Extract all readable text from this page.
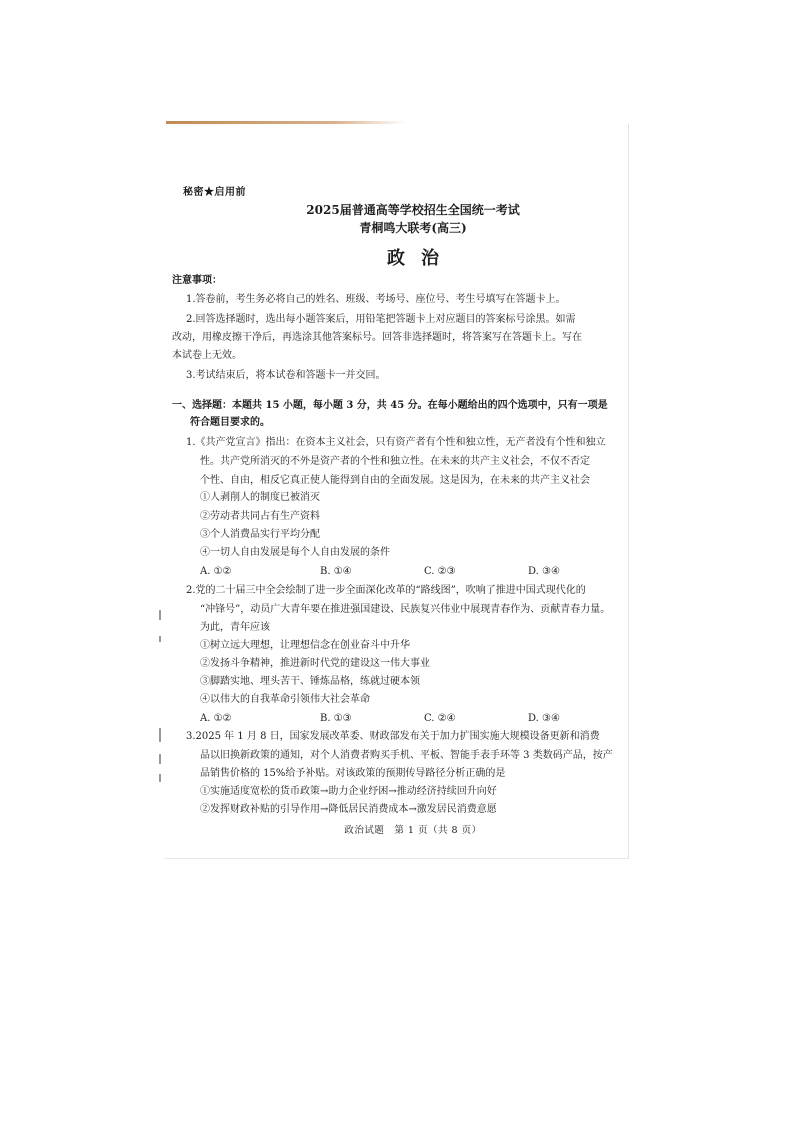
秘密★启用前
2025届普通高等学校招生全国统一考试
青桐鸣大联考(高三)
政治
注意事项：
1.答卷前，考生务必将自己的姓名、班级、考场号、座位号、考生号填写在答题卡上。
2.回答选择题时，选出每小题答案后，用铅笔把答题卡上对应题目的答案标号涂黑。如需
改动，用橡皮擦干净后，再选涂其他答案标号。回答非选择题时，将答案写在答题卡上。写在
本试卷上无效。
3.考试结束后，将本试卷和答题卡一并交回。
一、选择题：本题共 15 小题，每小题 3 分，共 45 分。在每小题给出的四个选项中，只有一项是
符合题目要求的。
1.《共产党宣言》指出：在资本主义社会，只有资产者有个性和独立性，无产者没有个性和独立
性。共产党所消灭的不外是资产者的个性和独立性。在未来的共产主义社会，不仅不否定
个性、自由，相反它真正使人能得到自由的全面发展。这是因为，在未来的共产主义社会
①人剥削人的制度已被消灭
②劳动者共同占有生产资料
③个人消费品实行平均分配
④一切人自由发展是每个人自由发展的条件
A. ①②	B. ①④	C. ②③	D. ③④
2.党的二十届三中全会绘制了进一步全面深化改革的“路线图”，吹响了推进中国式现代化的
“冲锋号”，动员广大青年要在推进强国建设、民族复兴伟业中展现青春作为、贡献青春力量。
为此，青年应该
①树立远大理想，让理想信念在创业奋斗中升华
②发扬斗争精神，推进新时代党的建设这一伟大事业
③脚踏实地、埋头苦干、锤炼品格，练就过硬本领
④以伟大的自我革命引领伟大社会革命
A. ①②	B. ①③	C. ②④	D. ③④
3.2025 年 1 月 8 日，国家发展改革委、财政部发布关于加力扩围实施大规模设备更新和消费
品以旧换新政策的通知，对个人消费者购买手机、平板、智能手表手环等 3 类数码产品，按产
品销售价格的 15%给予补贴。对该政策的预期传导路径分析正确的是
①实施适度宽松的货币政策→助力企业纾困→推动经济持续回升向好
②发挥财政补贴的引导作用→降低居民消费成本→激发居民消费意愿
政治试题　第 1 页（共 8 页）
